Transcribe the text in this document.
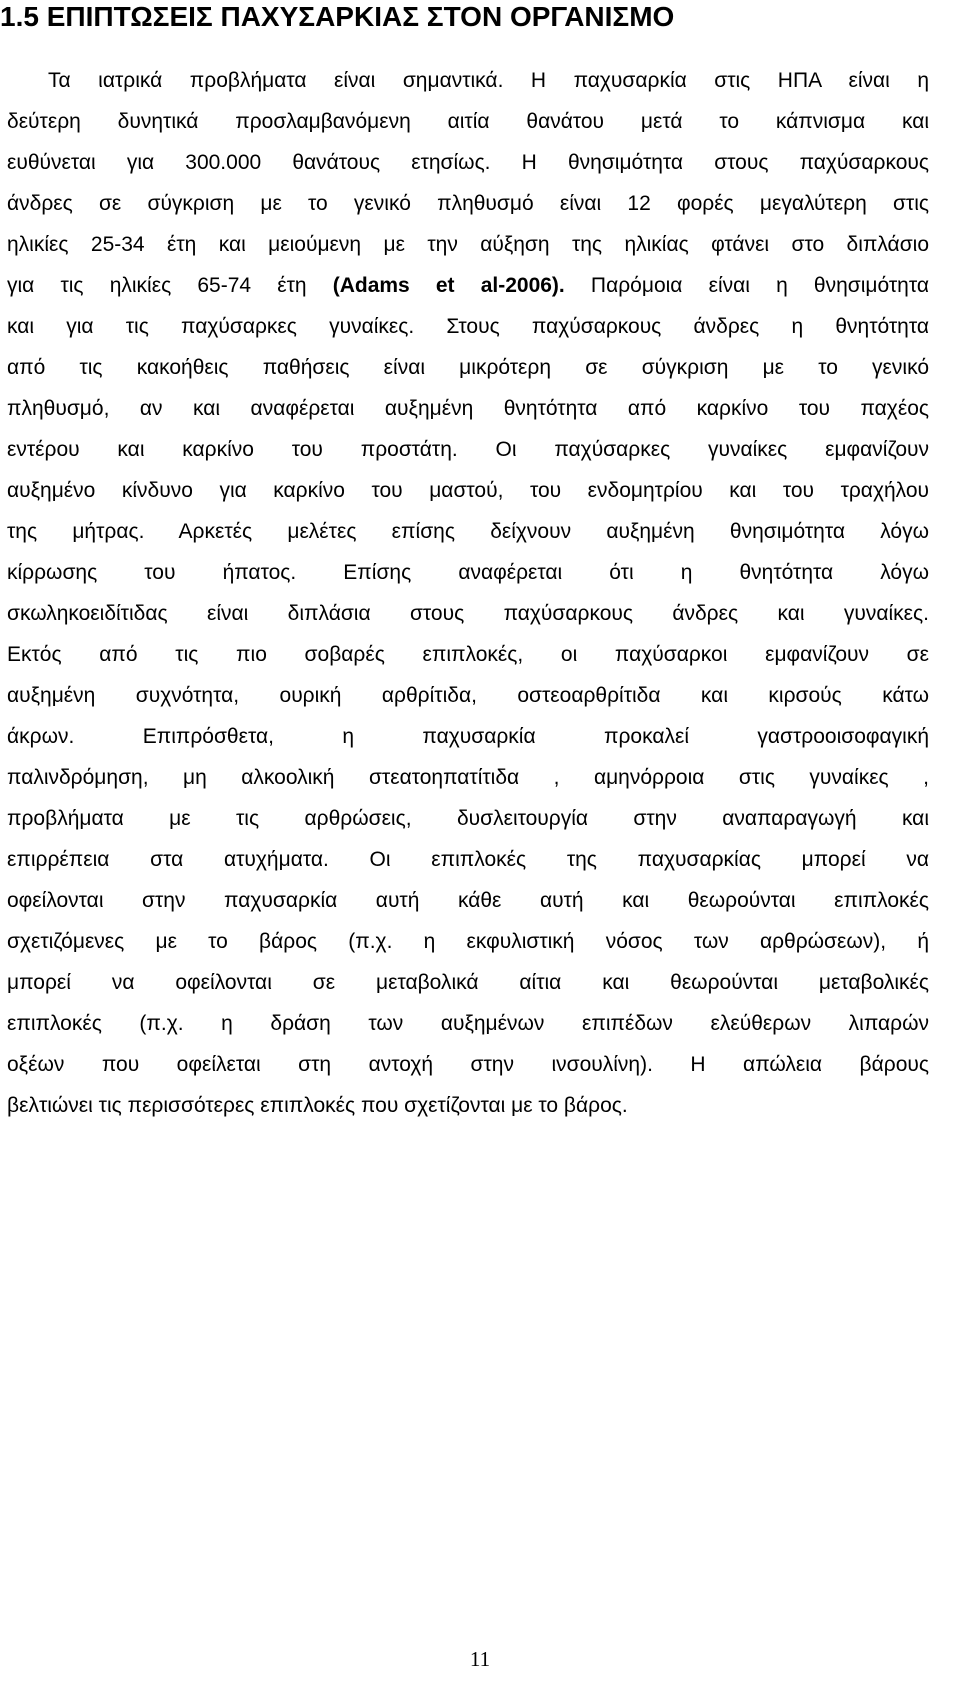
1.5 ΕΠΙΠΤΩΣΕΙΣ ΠΑΧΥΣΑΡΚΙΑΣ ΣΤΟΝ ΟΡΓΑΝΙΣΜΟ
Τα ιατρικά προβλήματα είναι σημαντικά. Η παχυσαρκία στις ΗΠΑ είναι η
δεύτερη δυνητικά προσλαμβανόμενη αιτία θανάτου μετά το κάπνισμα και
ευθύνεται για 300.000 θανάτους ετησίως. Η θνησιμότητα στους παχύσαρκους
άνδρες σε σύγκριση με το γενικό πληθυσμό είναι 12 φορές μεγαλύτερη στις
ηλικίες 25-34 έτη και μειούμενη με την αύξηση της ηλικίας φτάνει στο διπλάσιο
για τις ηλικίες 65-74 έτη (Adams et al-2006). Παρόμοια είναι η θνησιμότητα
και για τις παχύσαρκες γυναίκες. Στους παχύσαρκους άνδρες η θνητότητα
από τις κακοήθεις παθήσεις είναι μικρότερη σε σύγκριση με το γενικό
πληθυσμό, αν και αναφέρεται αυξημένη θνητότητα από καρκίνο του παχέος
εντέρου και καρκίνο του προστάτη. Οι παχύσαρκες γυναίκες εμφανίζουν
αυξημένο κίνδυνο για καρκίνο του μαστού, του ενδομητρίου και του τραχήλου
της μήτρας. Αρκετές μελέτες επίσης δείχνουν αυξημένη θνησιμότητα λόγω
κίρρωσης του ήπατος. Επίσης αναφέρεται ότι η θνητότητα λόγω
σκωληκοειδίτιδας είναι διπλάσια στους παχύσαρκους άνδρες και γυναίκες.
Εκτός από τις πιο σοβαρές επιπλοκές, οι παχύσαρκοι εμφανίζουν σε
αυξημένη συχνότητα, ουρική αρθρίτιδα, οστεοαρθρίτιδα και κιρσούς κάτω
άκρων. Επιπρόσθετα, η παχυσαρκία προκαλεί γαστροοισοφαγική
παλινδρόμηση, μη αλκοολική στεατοηπατίτιδα , αμηνόρροια στις γυναίκες ,
προβλήματα με τις αρθρώσεις, δυσλειτουργία στην αναπαραγωγή και
επιρρέπεια στα ατυχήματα. Οι επιπλοκές της παχυσαρκίας μπορεί να
οφείλονται στην παχυσαρκία αυτή κάθε αυτή και θεωρούνται επιπλοκές
σχετιζόμενες με το βάρος (π.χ. η εκφυλιστική νόσος των αρθρώσεων), ή
μπορεί να οφείλονται σε μεταβολικά αίτια και θεωρούνται μεταβολικές
επιπλοκές (π.χ. η δράση των αυξημένων επιπέδων ελεύθερων λιπαρών
οξέων που οφείλεται στη αντοχή στην ινσουλίνη). Η απώλεια βάρους
βελτιώνει τις περισσότερες επιπλοκές που σχετίζονται με το βάρος.
11
